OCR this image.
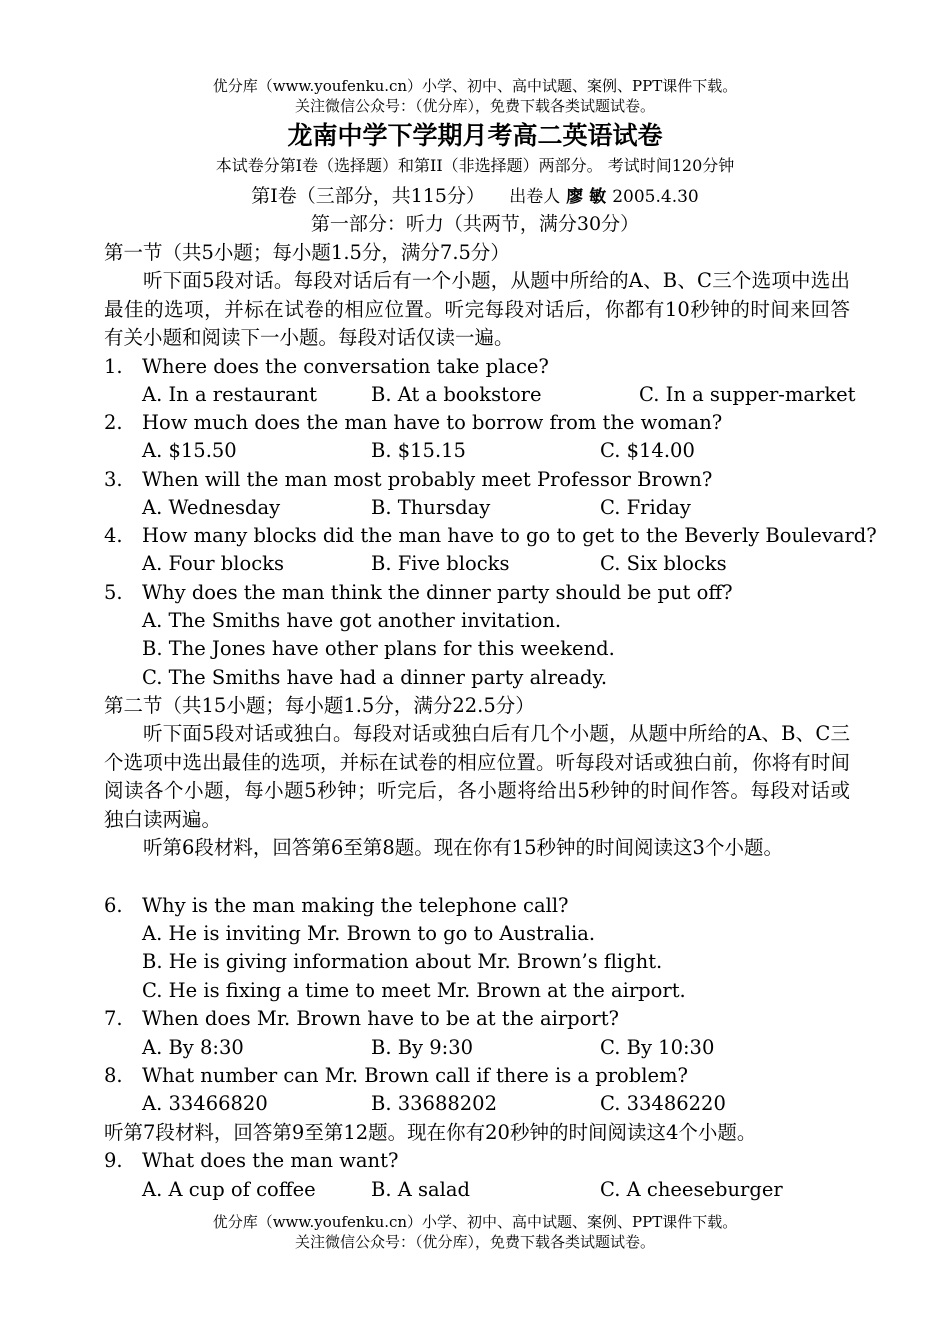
优分库（www.youfenku.cn）小学、初中、高中试题、案例、PPT课件下载。
关注微信公众号：（优分库），免费下载各类试题试卷。
龙南中学下学期月考高二英语试卷
本试卷分第I卷（选择题）和第II（非选择题）两部分。 考试时间120分钟
第I卷（三部分，共115分） 出卷人 廖 敏 2005.4.30
第一部分：听力（共两节，满分30分）
第一节（共5小题；每小题1.5分，满分7.5分）
听下面5段对话。每段对话后有一个小题，从题中所给的A、B、C三个选项中选出最佳的选项，并标在试卷的相应位置。听完每段对话后，你都有10秒钟的时间来回答有关小题和阅读下一小题。每段对话仅读一遍。
1. Where does the conversation take place?
A. In a restaurant	B. At a bookstore	C. In a supper-market
2. How much does the man have to borrow from the woman?
A. $15.50	B. $15.15	C. $14.00
3. When will the man most probably meet Professor Brown?
A. Wednesday	B. Thursday	C. Friday
4. How many blocks did the man have to go to get to the Beverly Boulevard?
A. Four blocks	B. Five blocks	C. Six blocks
5. Why does the man think the dinner party should be put off?
A. The Smiths have got another invitation.
B. The Jones have other plans for this weekend.
C. The Smiths have had a dinner party already.
第二节（共15小题；每小题1.5分，满分22.5分）
听下面5段对话或独白。每段对话或独白后有几个小题，从题中所给的A、B、C三个选项中选出最佳的选项，并标在试卷的相应位置。听每段对话或独白前，你将有时间阅读各个小题，每小题5秒钟；听完后，各小题将给出5秒钟的时间作答。每段对话或独白读两遍。
听第6段材料，回答第6至第8题。现在你有15秒钟的时间阅读这3个小题。
6. Why is the man making the telephone call?
A. He is inviting Mr. Brown to go to Australia.
B. He is giving information about Mr. Brown’s flight.
C. He is fixing a time to meet Mr. Brown at the airport.
7. When does Mr. Brown have to be at the airport?
A. By 8:30	B. By 9:30	C. By 10:30
8. What number can Mr. Brown call if there is a problem?
A. 33466820	B. 33688202	C. 33486220
听第7段材料，回答第9至第12题。现在你有20秒钟的时间阅读这4个小题。
9. What does the man want?
A. A cup of coffee	B. A salad	C. A cheeseburger
优分库（www.youfenku.cn）小学、初中、高中试题、案例、PPT课件下载。
关注微信公众号：（优分库），免费下载各类试题试卷。
